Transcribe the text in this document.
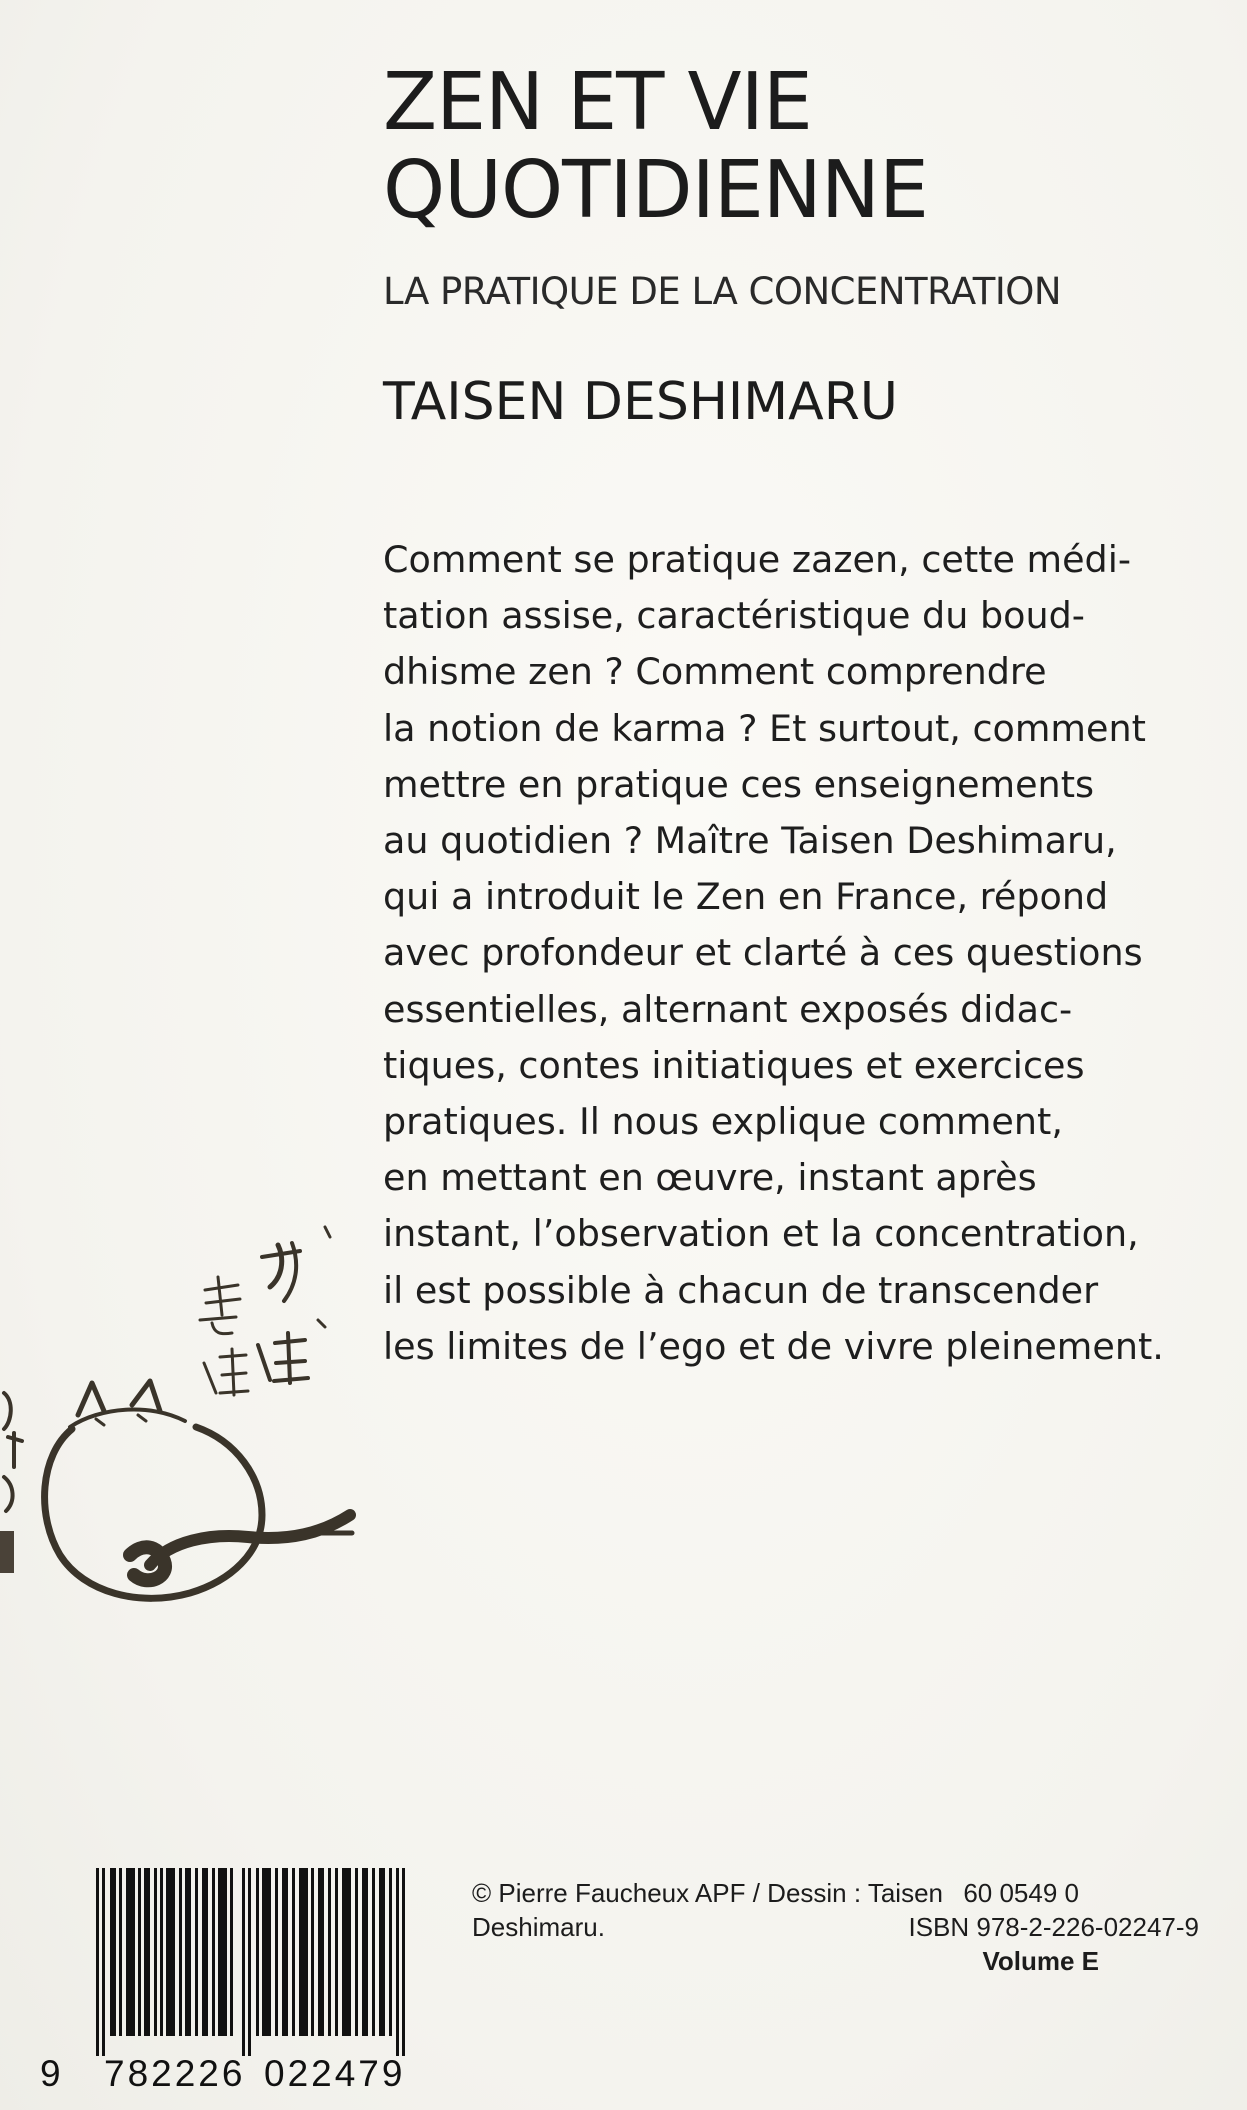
ZEN ET VIE
QUOTIDIENNE

LA PRATIQUE DE LA CONCENTRATION

TAISEN DESHIMARU

Comment se pratique zazen, cette médi-
tation assise, caractéristique du boud-
dhisme zen ? Comment comprendre
la notion de karma ? Et surtout, comment
mettre en pratique ces enseignements
au quotidien ? Maître Taisen Deshimaru,
qui a introduit le Zen en France, répond
avec profondeur et clarté à ces questions
essentielles, alternant exposés didac-
tiques, contes initiatiques et exercices
pratiques. Il nous explique comment,
en mettant en œuvre, instant après
instant, l’observation et la concentration,
il est possible à chacun de transcender
les limites de l’ego et de vivre pleinement.

9 782226 022479

© Pierre Faucheux APF / Dessin : Taisen
Deshimaru.

60 0549 0
ISBN 978-2-226-02247-9
Volume E
